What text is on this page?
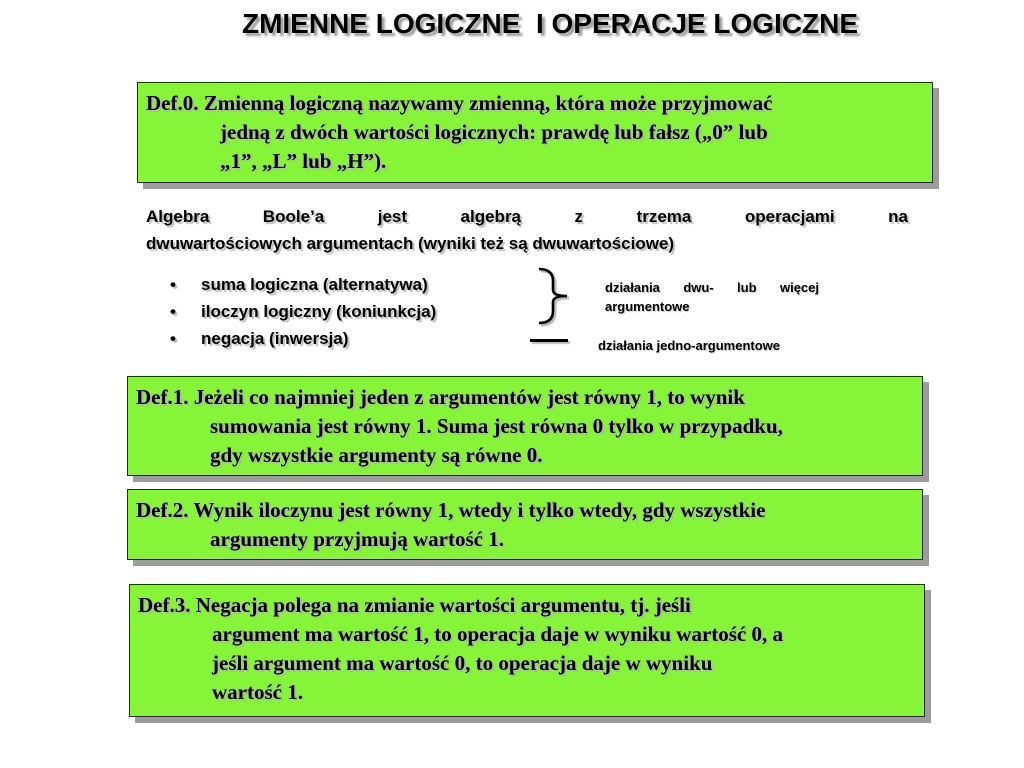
ZMIENNE LOGICZNE  I OPERACJE LOGICZNE
Def.0. Zmienną logiczną nazywamy zmienną, która może przyjmować
jedną z dwóch wartości logicznych: prawdę lub fałsz („0” lub
„1”, „L” lub „H”).
Algebra Boole’a jest algebrą z trzema operacjami na
dwuwartościowych argumentach (wyniki też są dwuwartościowe)
• suma logiczna (alternatywa)
• iloczyn logiczny (koniunkcja)
• negacja (inwersja)
działania dwu- lub więcej
argumentowe
działania jedno-argumentowe
Def.1. Jeżeli co najmniej jeden z argumentów jest równy 1, to wynik
sumowania jest równy 1. Suma jest równa 0 tylko w przypadku,
gdy wszystkie argumenty są równe 0.
Def.2. Wynik iloczynu jest równy 1, wtedy i tylko wtedy, gdy wszystkie
argumenty przyjmują wartość 1.
Def.3. Negacja polega na zmianie wartości argumentu, tj. jeśli
argument ma wartość 1, to operacja daje w wyniku wartość 0, a
jeśli argument ma wartość 0, to operacja daje w wyniku
wartość 1.
